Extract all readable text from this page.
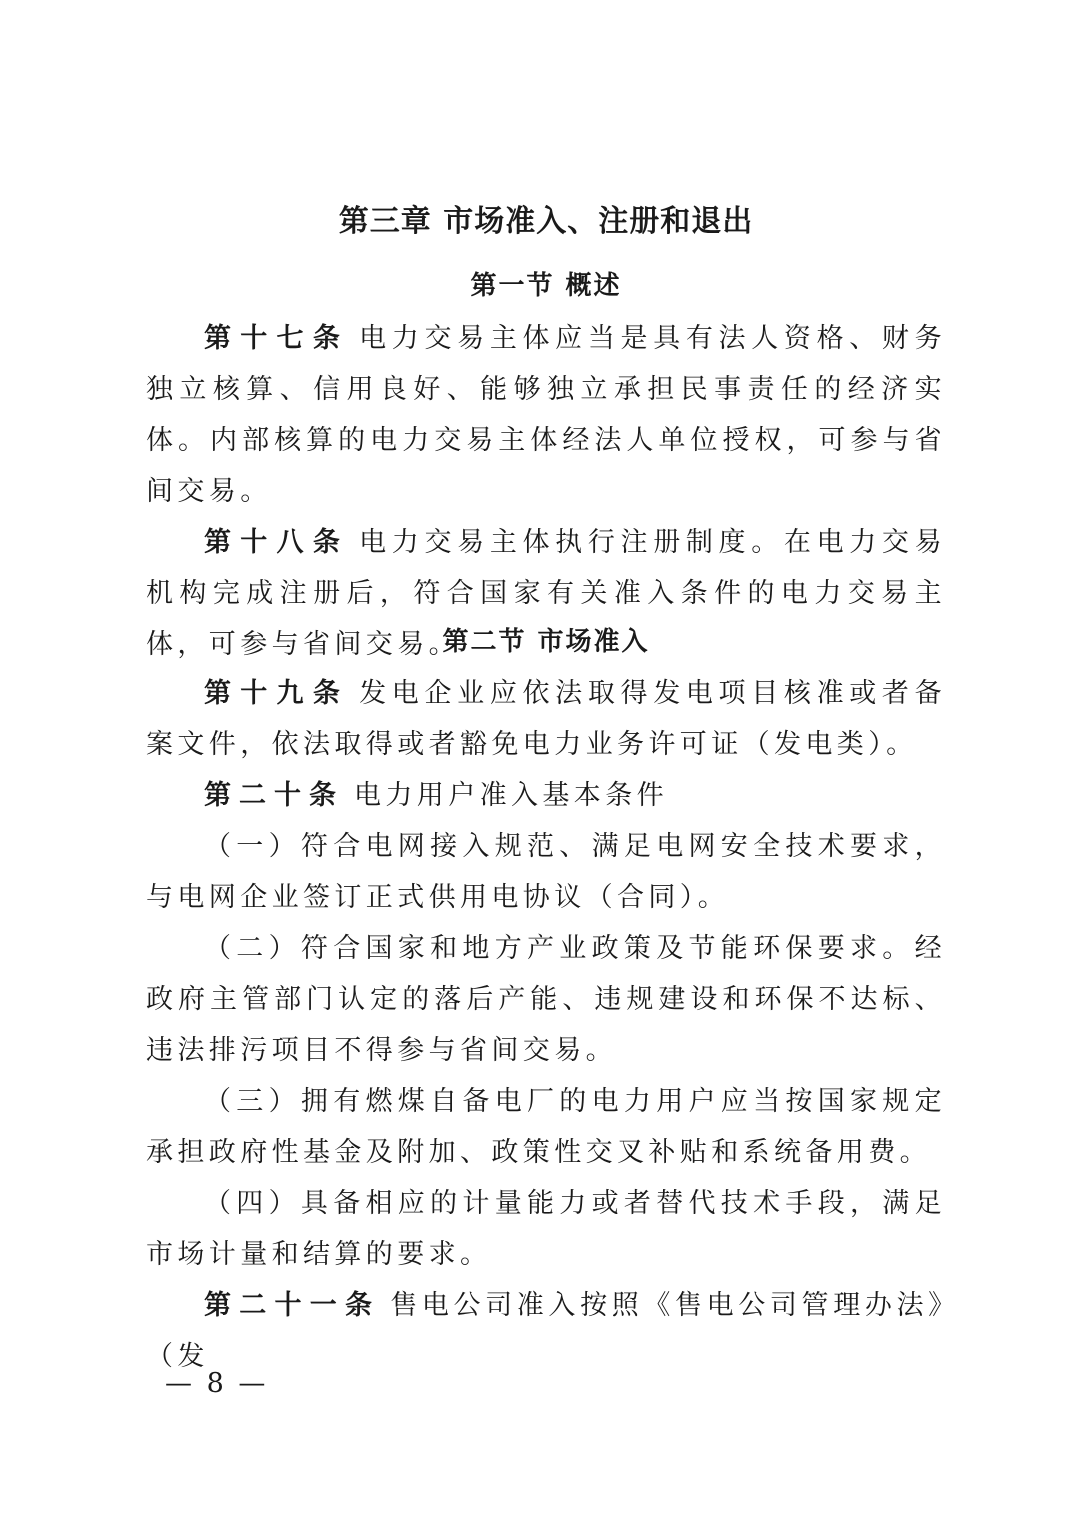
第三章 市场准入、注册和退出
第一节 概述

第十七条 电力交易主体应当是具有法人资格、财务独立核算、信用良好、能够独立承担民事责任的经济实体。内部核算的电力交易主体经法人单位授权，可参与省间交易。

第十八条 电力交易主体执行注册制度。在电力交易机构完成注册后，符合国家有关准入条件的电力交易主体，可参与省间交易。

第二节 市场准入

第十九条 发电企业应依法取得发电项目核准或者备案文件，依法取得或者豁免电力业务许可证（发电类）。

第二十条 电力用户准入基本条件

（一）符合电网接入规范、满足电网安全技术要求，与电网企业签订正式供用电协议（合同）。

（二）符合国家和地方产业政策及节能环保要求。经政府主管部门认定的落后产能、违规建设和环保不达标、违法排污项目不得参与省间交易。

（三）拥有燃煤自备电厂的电力用户应当按国家规定承担政府性基金及附加、政策性交叉补贴和系统备用费。

（四）具备相应的计量能力或者替代技术手段，满足市场计量和结算的要求。

第二十一条 售电公司准入按照《售电公司管理办法》（发

— 8 —
